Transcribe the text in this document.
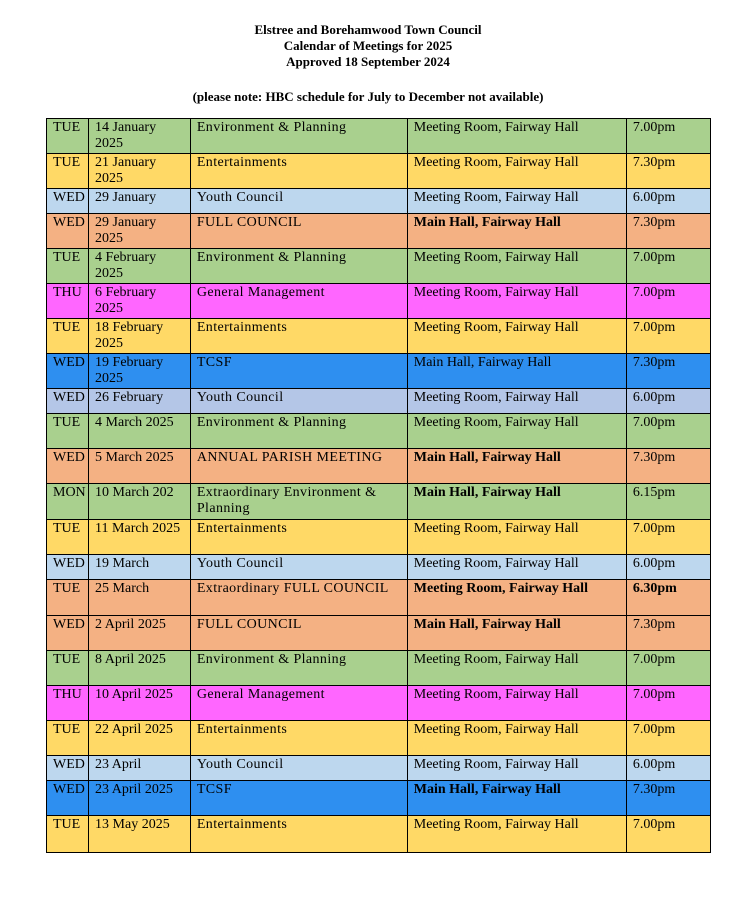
Elstree and Borehamwood Town Council
Calendar of Meetings for 2025
Approved 18 September 2024
(please note: HBC schedule for July to December not available)
TUE	14 January 2025	Environment & Planning	Meeting Room, Fairway Hall	7.00pm
TUE	21 January 2025	Entertainments	Meeting Room, Fairway Hall	7.30pm
WED	29 January	Youth Council	Meeting Room, Fairway Hall	6.00pm
WED	29 January 2025	FULL COUNCIL	Main Hall, Fairway Hall	7.30pm
TUE	4 February 2025	Environment & Planning	Meeting Room, Fairway Hall	7.00pm
THU	6 February 2025	General Management	Meeting Room, Fairway Hall	7.00pm
TUE	18 February 2025	Entertainments	Meeting Room, Fairway Hall	7.00pm
WED	19 February 2025	TCSF	Main Hall, Fairway Hall	7.30pm
WED	26 February	Youth Council	Meeting Room, Fairway Hall	6.00pm
TUE	4 March 2025	Environment & Planning	Meeting Room, Fairway Hall	7.00pm
WED	5 March 2025	ANNUAL PARISH MEETING	Main Hall, Fairway Hall	7.30pm
MON	10 March 202	Extraordinary Environment & Planning	Main Hall, Fairway Hall	6.15pm
TUE	11 March 2025	Entertainments	Meeting Room, Fairway Hall	7.00pm
WED	19 March	Youth Council	Meeting Room, Fairway Hall	6.00pm
TUE	25 March	Extraordinary FULL COUNCIL	Meeting Room, Fairway Hall	6.30pm
WED	2 April 2025	FULL COUNCIL	Main Hall, Fairway Hall	7.30pm
TUE	8 April 2025	Environment & Planning	Meeting Room, Fairway Hall	7.00pm
THU	10 April 2025	General Management	Meeting Room, Fairway Hall	7.00pm
TUE	22 April 2025	Entertainments	Meeting Room, Fairway Hall	7.00pm
WED	23 April	Youth Council	Meeting Room, Fairway Hall	6.00pm
WED	23 April 2025	TCSF	Main Hall, Fairway Hall	7.30pm
TUE	13 May 2025	Entertainments	Meeting Room, Fairway Hall	7.00pm
